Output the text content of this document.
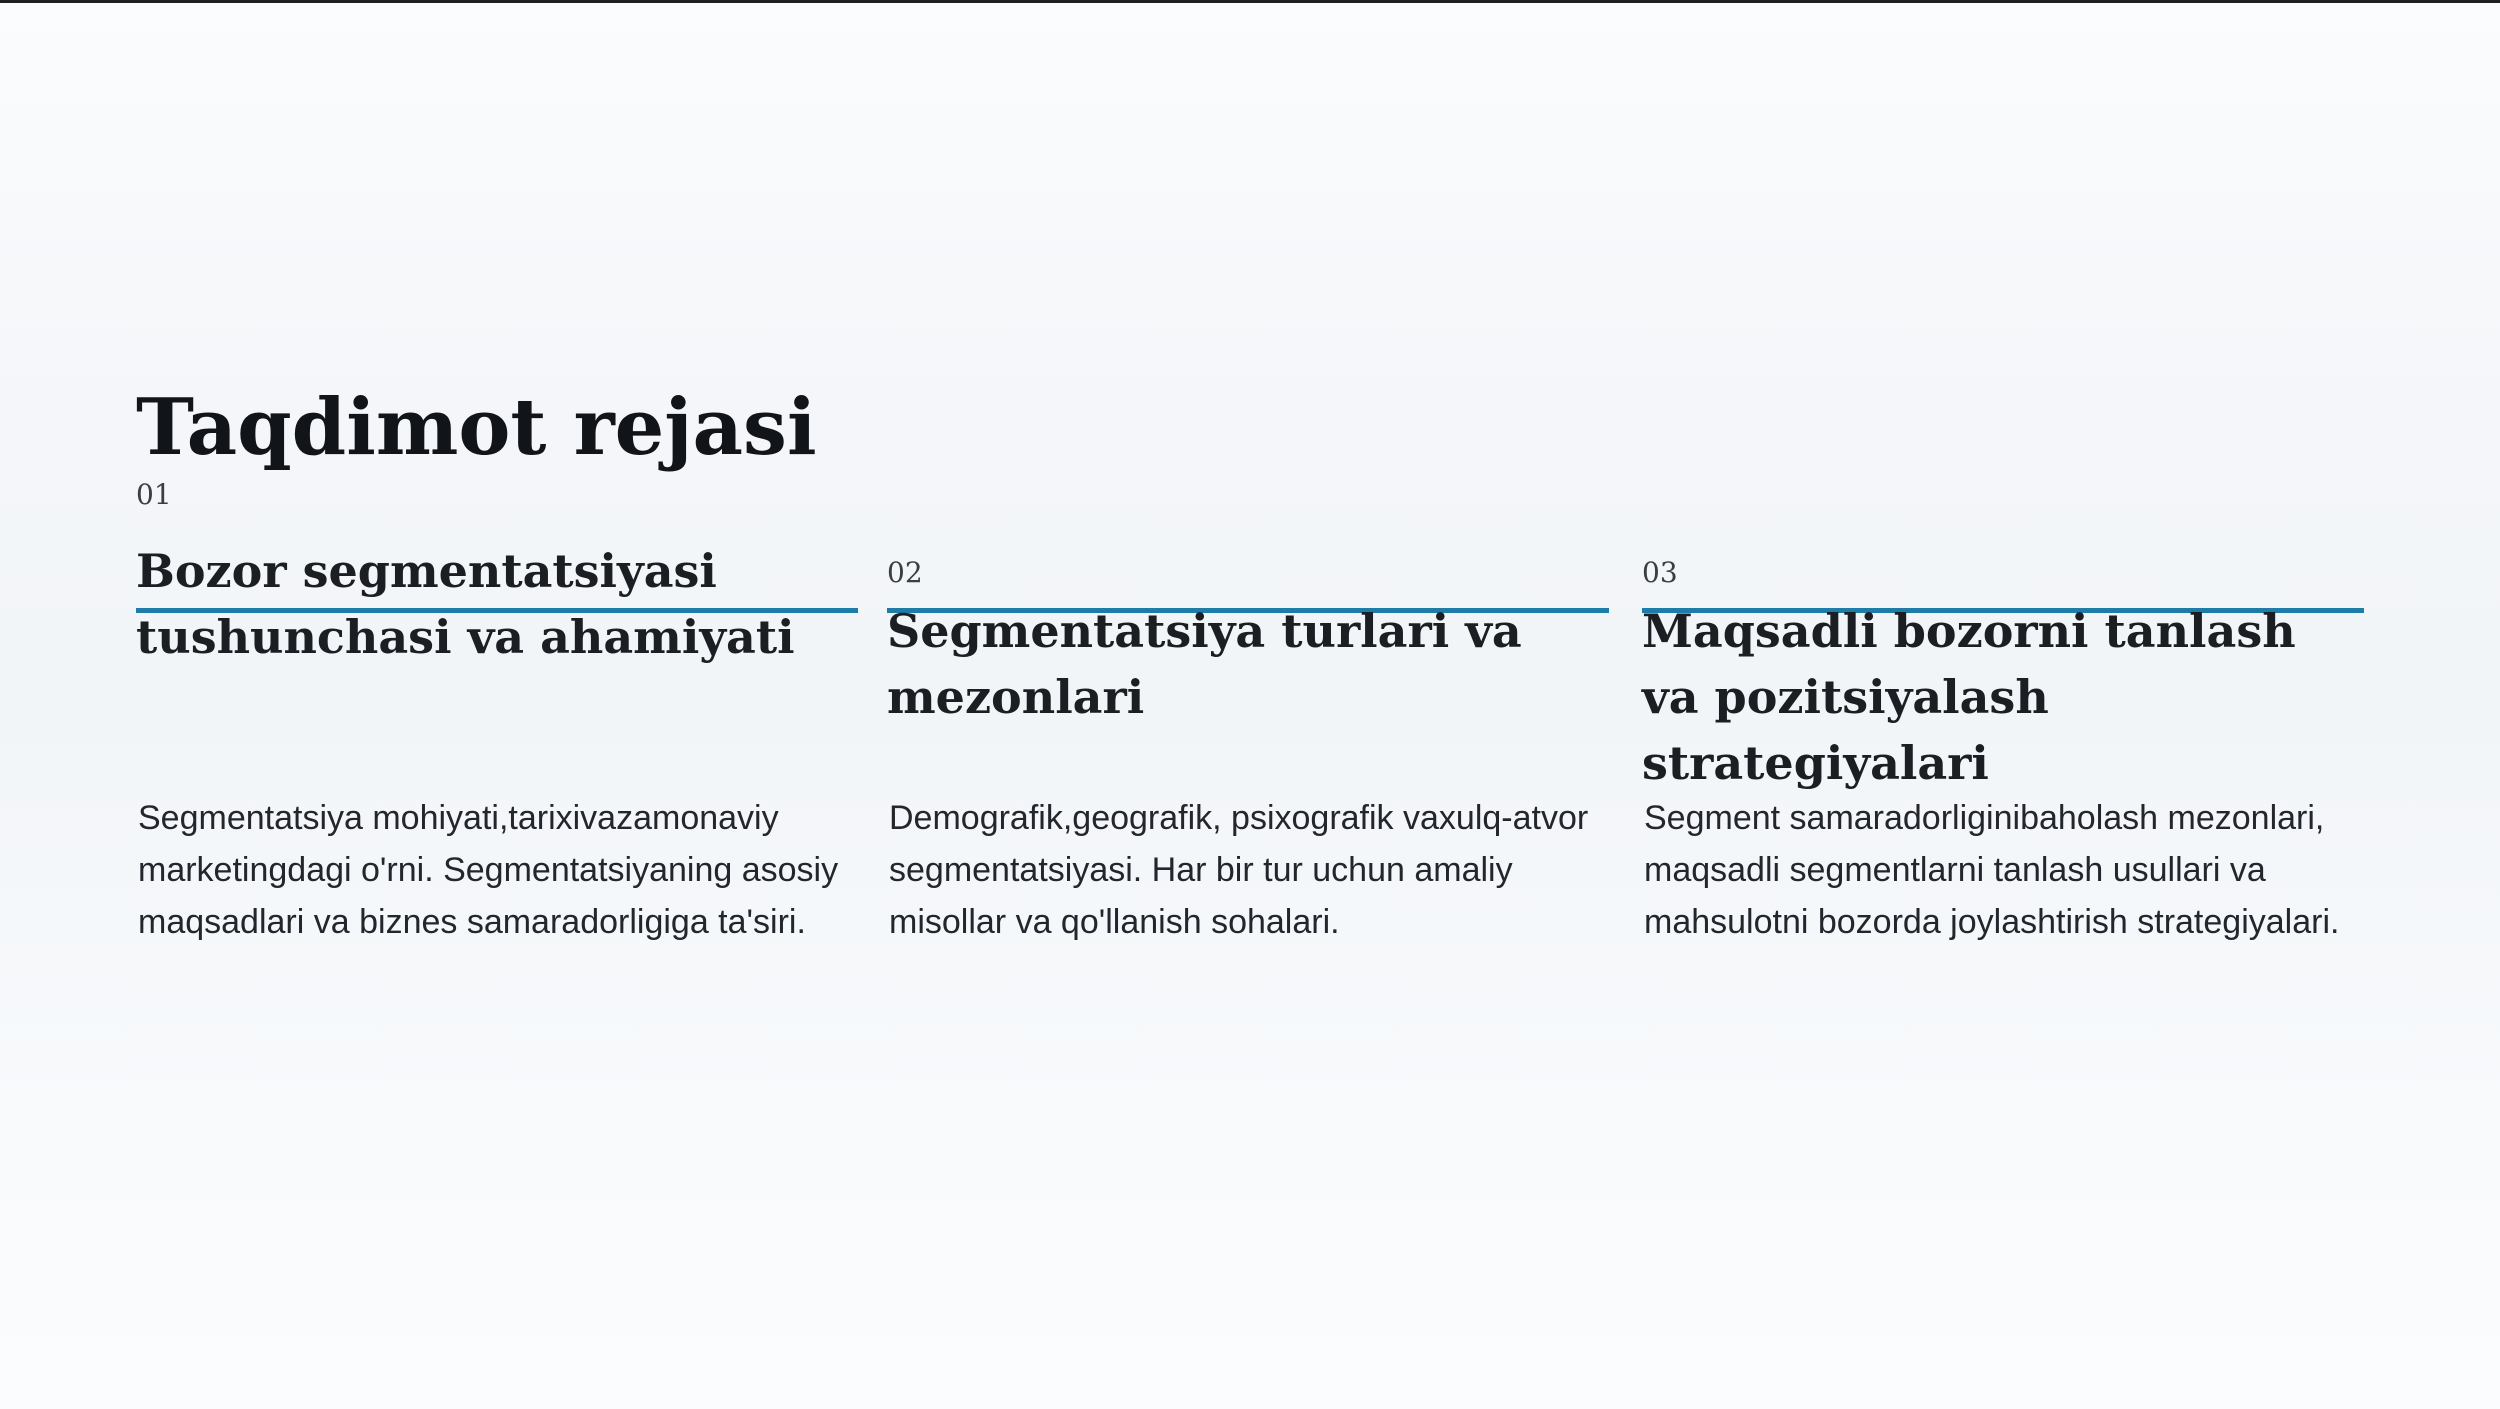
Taqdimot rejasi
01
Bozor segmentatsiyasi tushunchasi va ahamiyati

Segmentatsiya mohiyati,tarixivazamonaviy marketingdagi o'rni. Segmentatsiyaning asosiy maqsadlari va biznes samaradorligiga ta'siri.

02
Segmentatsiya turlari va mezonlari

Demografik,geografik, psixografik vaxulq-atvor segmentatsiyasi. Har bir tur uchun amaliy misollar va qo'llanish sohalari.

03
Maqsadli bozorni tanlash va pozitsiyalash strategiyalari

Segment samaradorliginibaholash mezonlari, maqsadli segmentlarni tanlash usullari va mahsulotni bozorda joylashtirish strategiyalari.
